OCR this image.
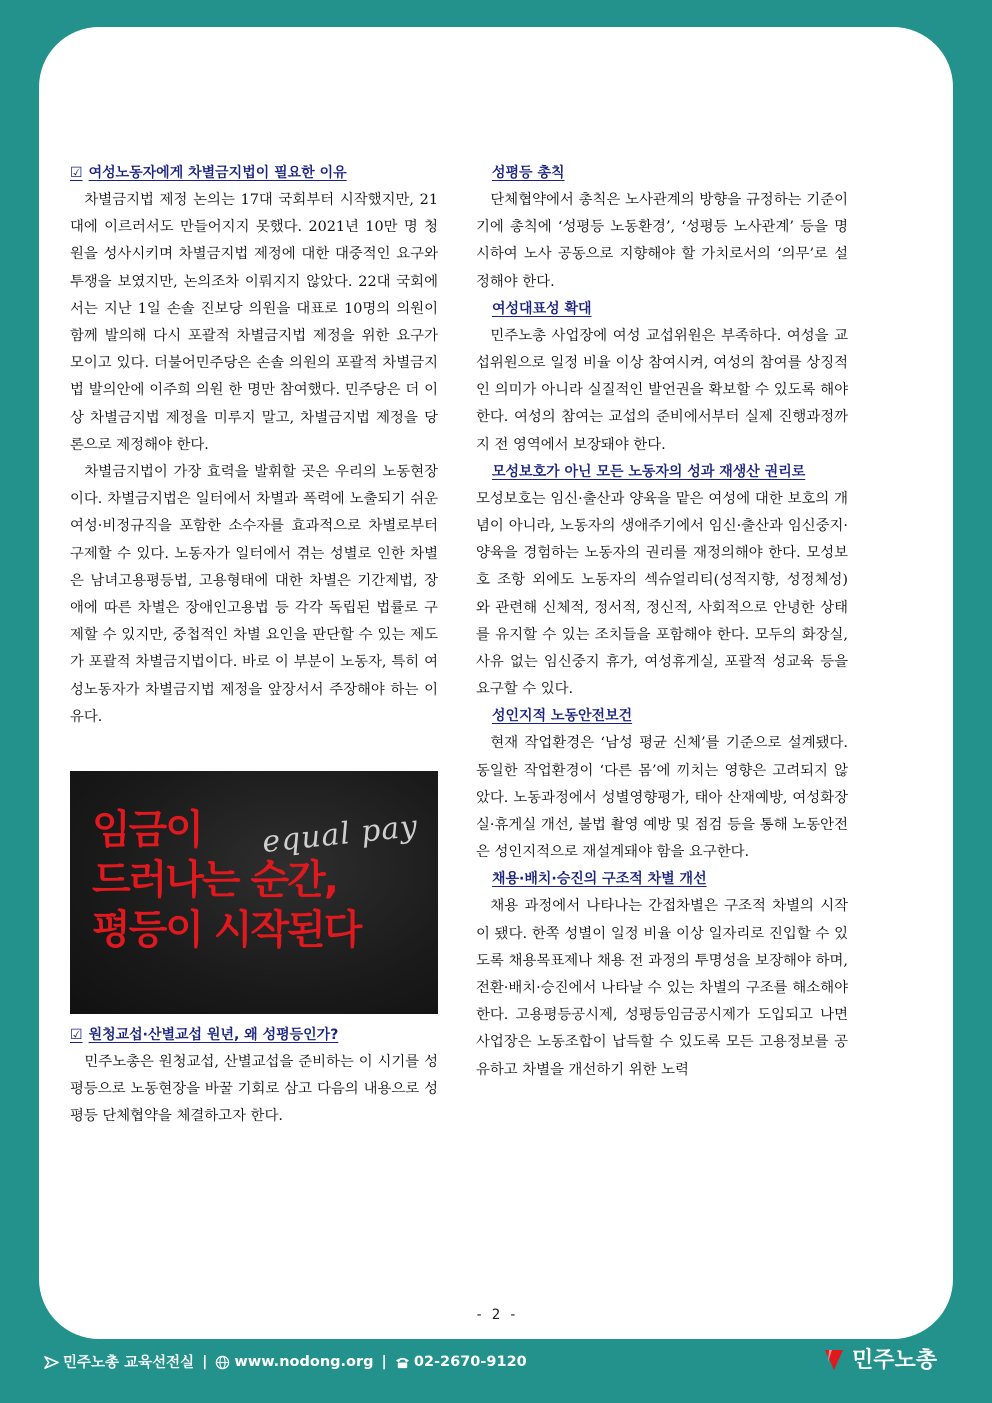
☑ 여성노동자에게 차별금지법이 필요한 이유

차별금지법 제정 논의는 17대 국회부터 시작했지만, 21대에 이르러서도 만들어지지 못했다. 2021년 10만 명 청원을 성사시키며 차별금지법 제정에 대한 대중적인 요구와 투쟁을 보였지만, 논의조차 이뤄지지 않았다. 22대 국회에서는 지난 1일 손솔 진보당 의원을 대표로 10명의 의원이 함께 발의해 다시 포괄적 차별금지법 제정을 위한 요구가 모이고 있다. 더불어민주당은 손솔 의원의 포괄적 차별금지법 발의안에 이주희 의원 한 명만 참여했다. 민주당은 더 이상 차별금지법 제정을 미루지 말고, 차별금지법 제정을 당론으로 제정해야 한다.

차별금지법이 가장 효력을 발휘할 곳은 우리의 노동현장이다. 차별금지법은 일터에서 차별과 폭력에 노출되기 쉬운 여성·비정규직을 포함한 소수자를 효과적으로 차별로부터 구제할 수 있다. 노동자가 일터에서 겪는 성별로 인한 차별은 남녀고용평등법, 고용형태에 대한 차별은 기간제법, 장애에 따른 차별은 장애인고용법 등 각각 독립된 법률로 구제할 수 있지만, 중첩적인 차별 요인을 판단할 수 있는 제도가 포괄적 차별금지법이다. 바로 이 부분이 노동자, 특히 여성노동자가 차별금지법 제정을 앞장서서 주장해야 하는 이유다.

임금이
드러나는 순간,
평등이 시작된다
equal pay
☑ 원청교섭·산별교섭 원년, 왜 성평등인가?

민주노총은 원청교섭, 산별교섭을 준비하는 이 시기를 성평등으로 노동현장을 바꿀 기회로 삼고 다음의 내용으로 성평등 단체협약을 체결하고자 한다.

성평등 총칙

단체협약에서 총칙은 노사관계의 방향을 규정하는 기준이기에 총칙에 ‘성평등 노동환경’, ‘성평등 노사관계’ 등을 명시하여 노사 공동으로 지향해야 할 가치로서의 ‘의무’로 설정해야 한다.

여성대표성 확대

민주노총 사업장에 여성 교섭위원은 부족하다. 여성을 교섭위원으로 일정 비율 이상 참여시켜, 여성의 참여를 상징적인 의미가 아니라 실질적인 발언권을 확보할 수 있도록 해야 한다. 여성의 참여는 교섭의 준비에서부터 실제 진행과정까지 전 영역에서 보장돼야 한다.

모성보호가 아닌 모든 노동자의 성과 재생산 권리로

모성보호는 임신·출산과 양육을 맡은 여성에 대한 보호의 개념이 아니라, 노동자의 생애주기에서 임신·출산과 임신중지·양육을 경험하는 노동자의 권리를 재정의해야 한다. 모성보호 조항 외에도 노동자의 섹슈얼리티(성적지향, 성정체성)와 관련해 신체적, 정서적, 정신적, 사회적으로 안녕한 상태를 유지할 수 있는 조치들을 포함해야 한다. 모두의 화장실, 사유 없는 임신중지 휴가, 여성휴게실, 포괄적 성교육 등을 요구할 수 있다.

성인지적 노동안전보건

현재 작업환경은 ‘남성 평균 신체’를 기준으로 설계됐다. 동일한 작업환경이 ‘다른 몸’에 끼치는 영향은 고려되지 않았다. 노동과정에서 성별영향평가, 태아 산재예방, 여성화장실·휴게실 개선, 불법 촬영 예방 및 점검 등을 통해 노동안전은 성인지적으로 재설계돼야 함을 요구한다.

채용·배치·승진의 구조적 차별 개선

채용 과정에서 나타나는 간접차별은 구조적 차별의 시작이 됐다. 한쪽 성별이 일정 비율 이상 일자리로 진입할 수 있도록 채용목표제나 채용 전 과정의 투명성을 보장해야 하며, 전환·배치·승진에서 나타날 수 있는 차별의 구조를 해소해야 한다. 고용평등공시제, 성평등임금공시제가 도입되고 나면 사업장은 노동조합이 납득할 수 있도록 모든 고용정보를 공유하고 차별을 개선하기 위한 노력

- 2 -
민주노총 교육선전실 | www.nodong.org | 02-2670-9120	민주노총
